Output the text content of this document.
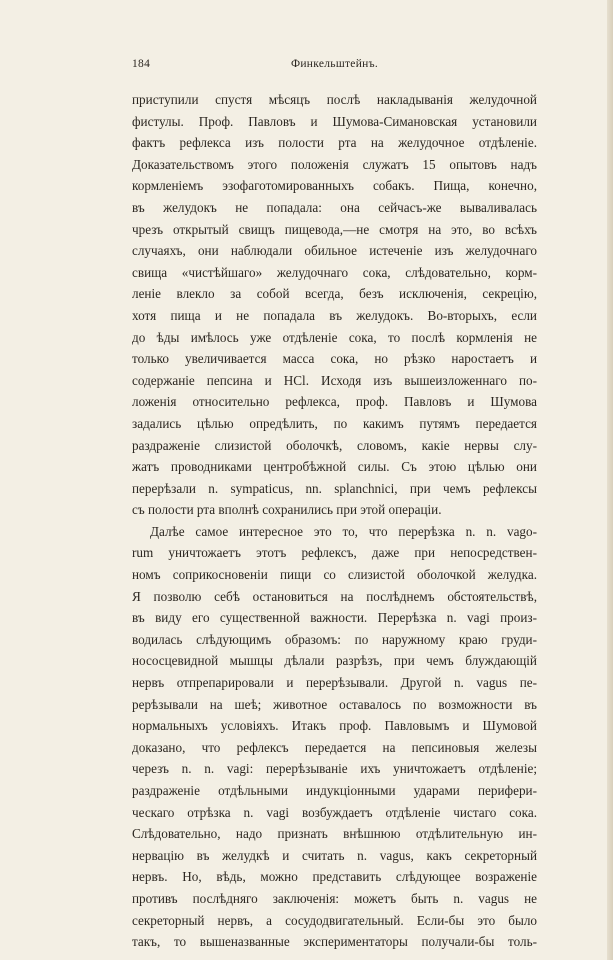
184	Финкельштейнъ.
приступили спустя мѣсяцъ послѣ накладыванія желудочной
фистулы. Проф. Павловъ и Шумова-Симановская установили
фактъ рефлекса изъ полости рта на желудочное отдѣленіе.
Доказательствомъ этого положенія служатъ 15 опытовъ надъ
кормленіемъ эзофаготомированныхъ собакъ. Пища, конечно,
въ желудокъ не попадала: она сейчасъ-же вываливалась
чрезъ открытый свищъ пищевода,—не смотря на это, во всѣхъ
случаяхъ, они наблюдали обильное истеченіе изъ желудочнаго
свища «чистѣйшаго» желудочнаго сока, слѣдовательно, корм-
леніе влекло за собой всегда, безъ исключенія, секрецію,
хотя пища и не попадала въ желудокъ. Во-вторыхъ, если
до ѣды имѣлось уже отдѣленіе сока, то послѣ кормленія не
только увеличивается масса сока, но рѣзко наростаетъ и
содержаніе пепсина и HCl. Исходя изъ вышеизложеннаго по-
ложенія относительно рефлекса, проф. Павловъ и Шумова
задались цѣлью опредѣлить, по какимъ путямъ передается
раздраженіе слизистой оболочкѣ, словомъ, какіе нервы слу-
жатъ проводниками центробѣжной силы. Съ этою цѣлью они
перерѣзали n. sympaticus, nn. splanchnici, при чемъ рефлексы
съ полости рта вполнѣ сохранились при этой операціи.
Далѣе самое интересное это то, что перерѣзка n. n. vago-
rum уничтожаетъ этотъ рефлексъ, даже при непосредствен-
номъ соприкосновеніи пищи со слизистой оболочкой желудка.
Я позволю себѣ остановиться на послѣднемъ обстоятельствѣ,
въ виду его существенной важности. Перерѣзка n. vagi произ-
водилась слѣдующимъ образомъ: по наружному краю груди-
нососцевидной мышцы дѣлали разрѣзъ, при чемъ блуждающій
нервъ отпрепарировали и перерѣзывали. Другой n. vagus пе-
рерѣзывали на шеѣ; животное оставалось по возможности въ
нормальныхъ условіяхъ. Итакъ проф. Павловымъ и Шумовой
доказано, что рефлексъ передается на пепсиновыя железы
черезъ n. n. vagi: перерѣзываніе ихъ уничтожаетъ отдѣленіе;
раздраженіе отдѣльными индукціонными ударами перифери-
ческаго отрѣзка n. vagi возбуждаетъ отдѣленіе чистаго сока.
Слѣдовательно, надо признать внѣшнюю отдѣлительную ин-
нервацію въ желудкѣ и считать n. vagus, какъ секреторный
нервъ. Но, вѣдь, можно представить слѣдующее возраженіе
противъ послѣдняго заключенія: можетъ быть n. vagus не
секреторный нервъ, а сосудодвигательный. Если-бы это было
такъ, то вышеназванные экспериментаторы получали-бы толь-
